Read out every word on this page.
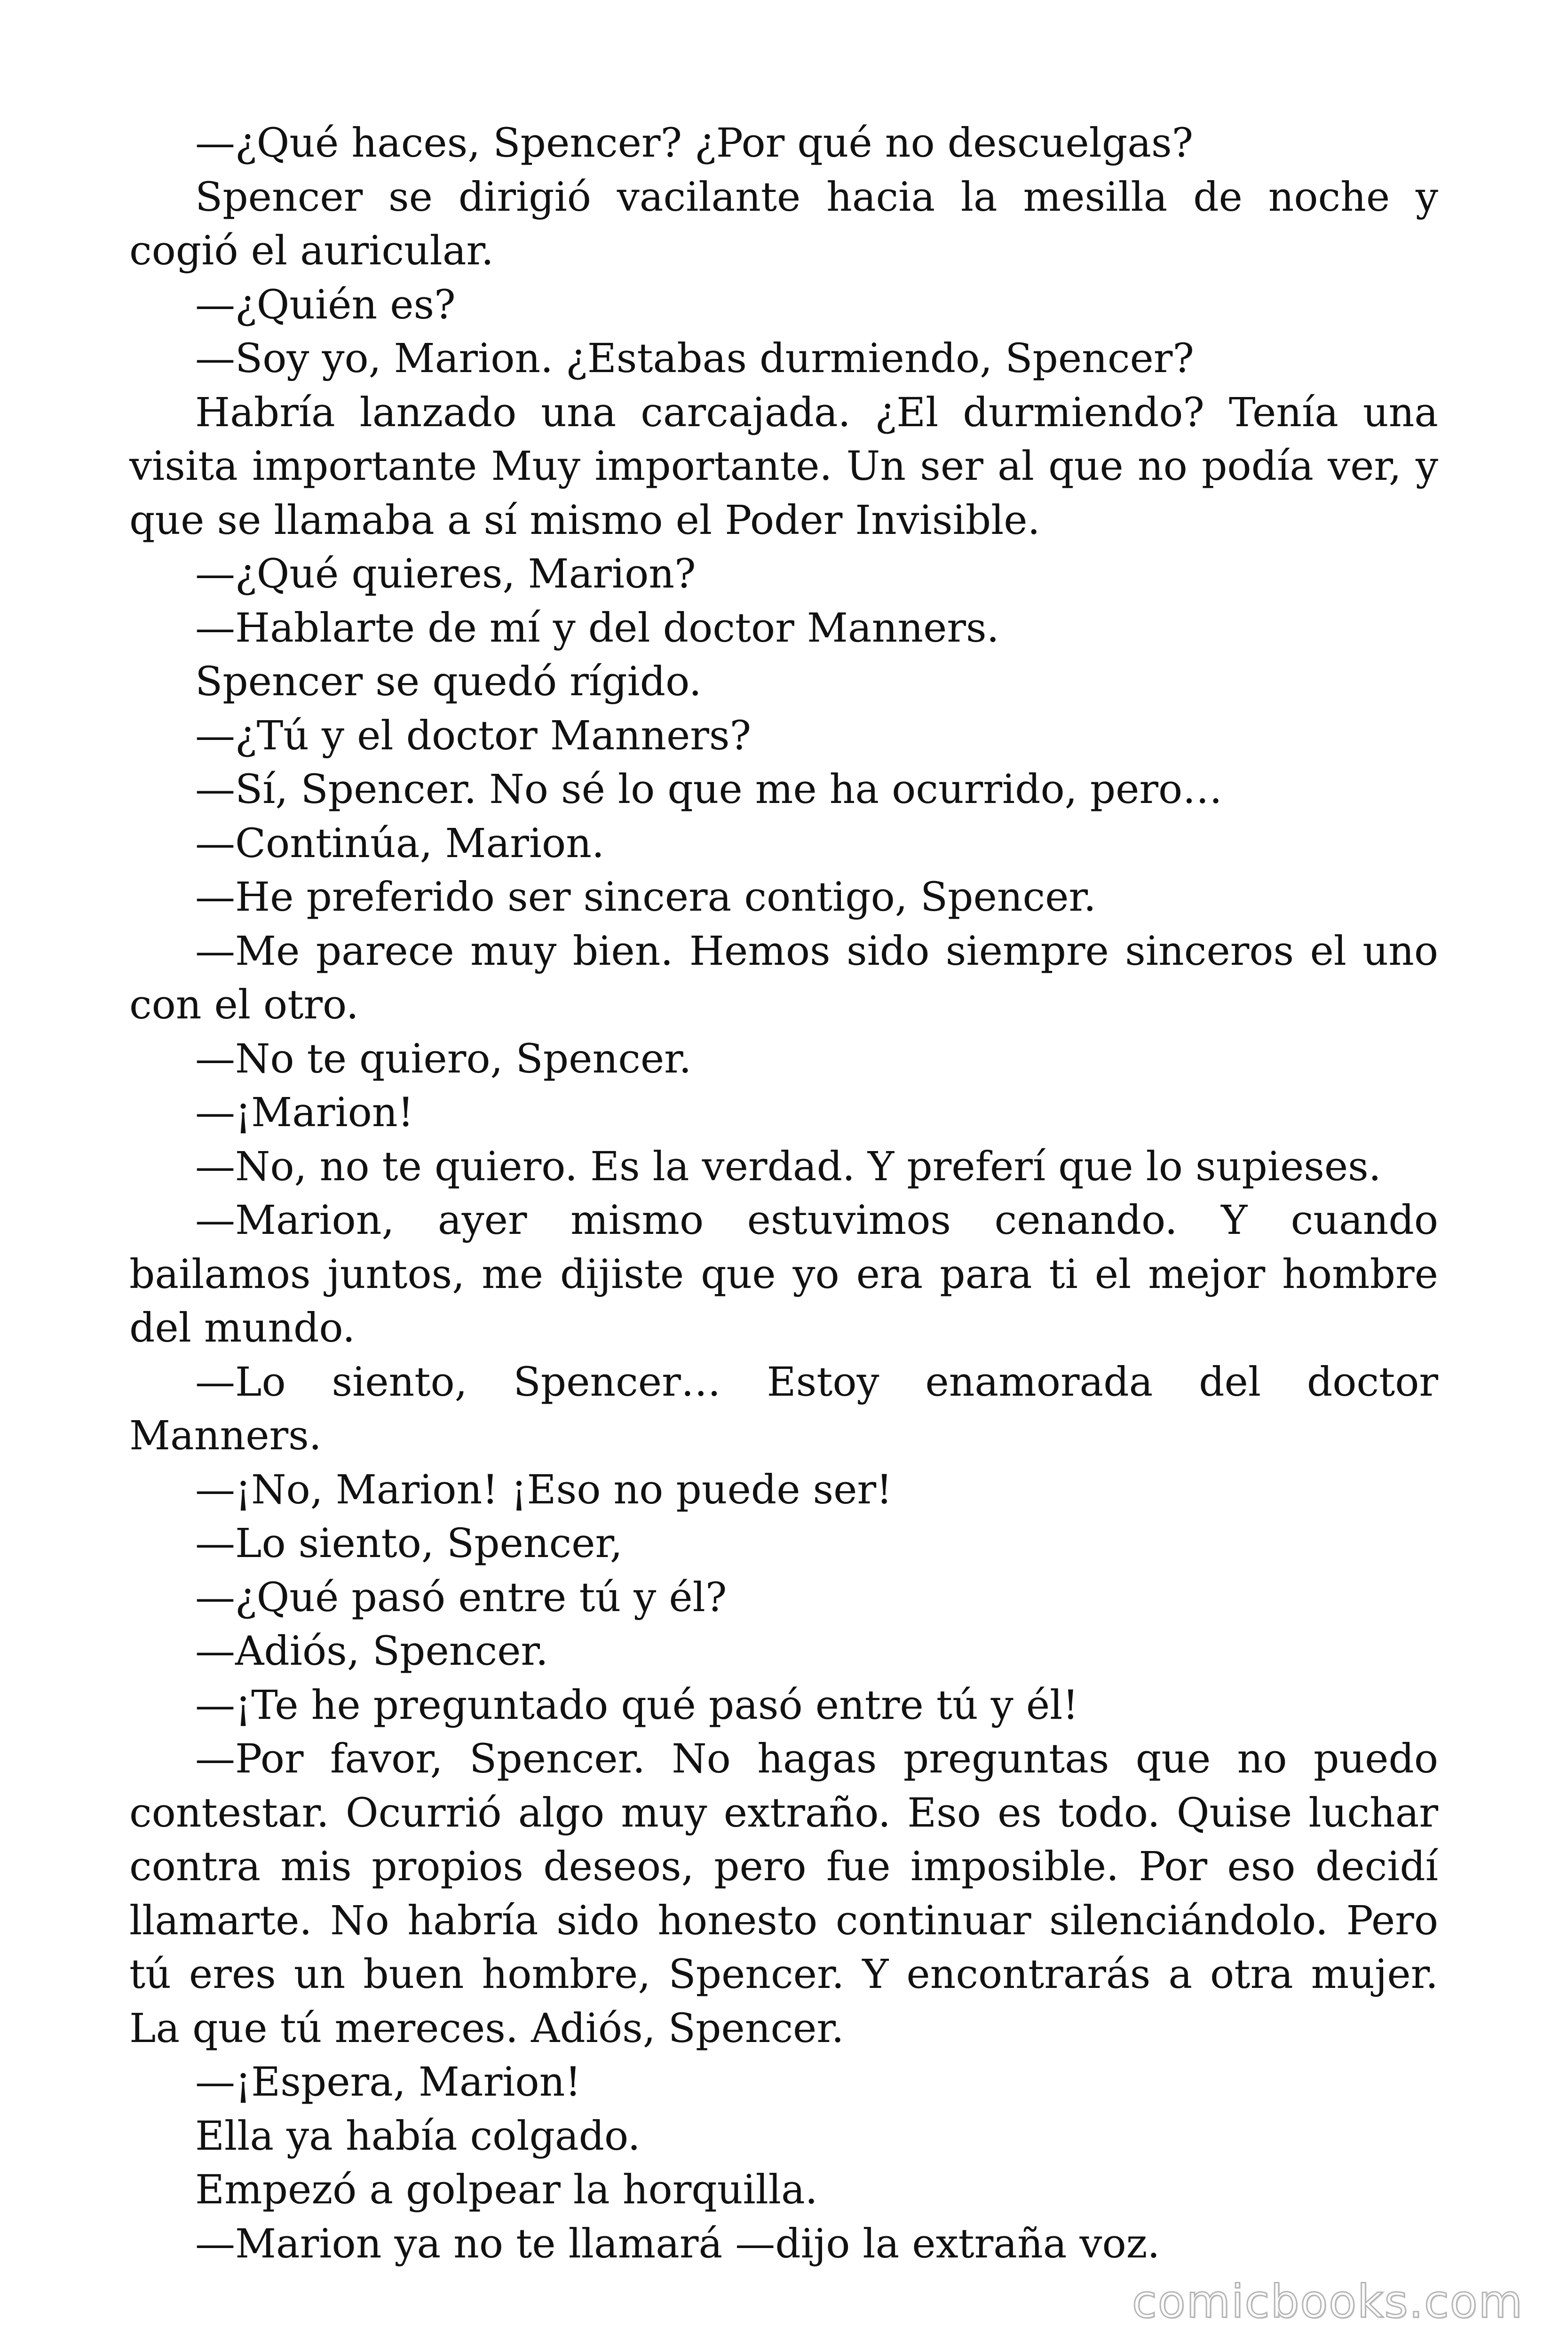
—¿Qué haces, Spencer? ¿Por qué no descuelgas?

Spencer se dirigió vacilante hacia la mesilla de noche y cogió el auricular.

—¿Quién es?

—Soy yo, Marion. ¿Estabas durmiendo, Spencer?

Habría lanzado una carcajada. ¿El durmiendo? Tenía una visita importante Muy importante. Un ser al que no podía ver, y que se llamaba a sí mismo el Poder Invisible.

—¿Qué quieres, Marion?

—Hablarte de mí y del doctor Manners.

Spencer se quedó rígido.

—¿Tú y el doctor Manners?

—Sí, Spencer. No sé lo que me ha ocurrido, pero…

—Continúa, Marion.

—He preferido ser sincera contigo, Spencer.

—Me parece muy bien. Hemos sido siempre sinceros el uno con el otro.

—No te quiero, Spencer.

—¡Marion!

—No, no te quiero. Es la verdad. Y preferí que lo supieses.

—Marion, ayer mismo estuvimos cenando. Y cuando bailamos juntos, me dijiste que yo era para ti el mejor hombre del mundo.

—Lo siento, Spencer… Estoy enamorada del doctor Manners.

—¡No, Marion! ¡Eso no puede ser!

—Lo siento, Spencer,

—¿Qué pasó entre tú y él?

—Adiós, Spencer.

—¡Te he preguntado qué pasó entre tú y él!

—Por favor, Spencer. No hagas preguntas que no puedo contestar. Ocurrió algo muy extraño. Eso es todo. Quise luchar contra mis propios deseos, pero fue imposible. Por eso decidí llamarte. No habría sido honesto continuar silenciándolo. Pero tú eres un buen hombre, Spencer. Y encontrarás a otra mujer. La que tú mereces. Adiós, Spencer.

—¡Espera, Marion!

Ella ya había colgado.

Empezó a golpear la horquilla.

—Marion ya no te llamará —dijo la extraña voz.

comicbooks.com
